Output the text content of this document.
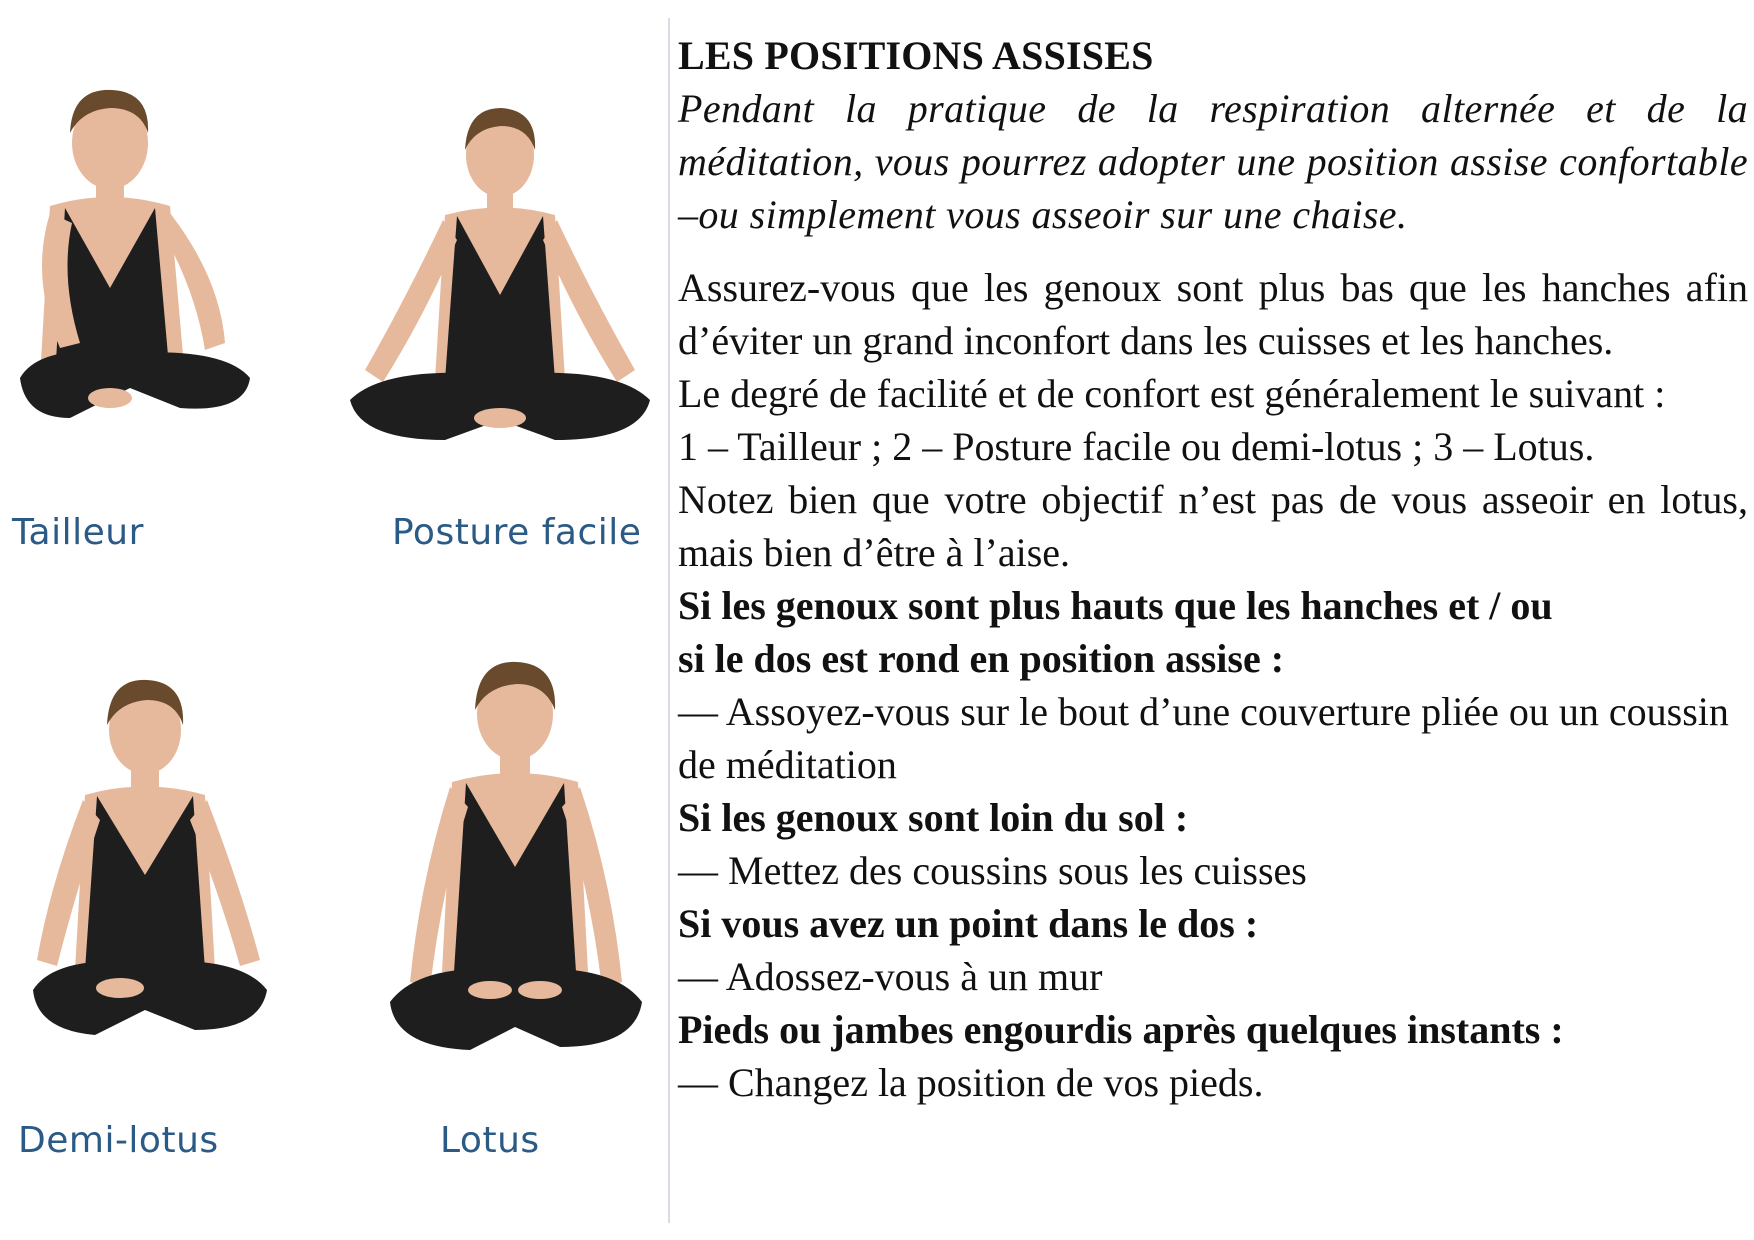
Tailleur	Posture facile
Demi-lotus	Lotus

LES POSITIONS ASSISES

Pendant la pratique de la respiration alternée et de la méditation, vous pourrez adopter une position assise confortable –ou simplement vous asseoir sur une chaise.

Assurez-vous que les genoux sont plus bas que les hanches afin d’éviter un grand inconfort dans les cuisses et les hanches.

Le degré de facilité et de confort est généralement le suivant :

1 – Tailleur ; 2 – Posture facile ou demi-lotus ; 3 – Lotus.

Notez bien que votre objectif n’est pas de vous asseoir en lotus, mais bien d’être à l’aise.

Si les genoux sont plus hauts que les hanches et / ou

si le dos est rond en position assise :

— Assoyez-vous sur le bout d’une couverture pliée ou un coussin de méditation

Si les genoux sont loin du sol :

— Mettez des coussins sous les cuisses

Si vous avez un point dans le dos :

— Adossez-vous à un mur

Pieds ou jambes engourdis après quelques instants :

— Changez la position de vos pieds.
